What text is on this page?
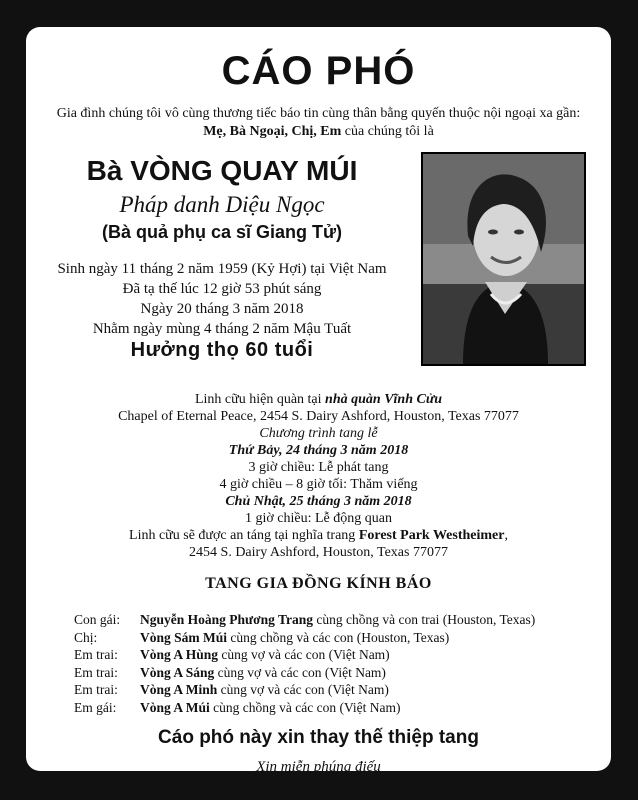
CÁO PHÓ
Gia đình chúng tôi vô cùng thương tiếc báo tin cùng thân bằng quyến thuộc nội ngoại xa gần:
Mẹ, Bà Ngoại, Chị, Em của chúng tôi là
Bà VÒNG QUAY MÚI
Pháp danh Diệu Ngọc
(Bà quả phụ ca sĩ Giang Tử)
Sinh ngày 11 tháng 2 năm 1959 (Kỷ Hợi) tại Việt Nam
Đã tạ thế lúc 12 giờ 53 phút sáng
Ngày 20 tháng 3 năm 2018
Nhằm ngày mùng 4 tháng 2 năm Mậu Tuất
Hưởng thọ 60 tuổi
Linh cữu hiện quàn tại nhà quàn Vĩnh Cửu
Chapel of Eternal Peace, 2454 S. Dairy Ashford, Houston, Texas 77077
Chương trình tang lễ
Thứ Bảy, 24 tháng 3 năm 2018
3 giờ chiều: Lễ phát tang
4 giờ chiều – 8 giờ tối: Thăm viếng
Chủ Nhật, 25 tháng 3 năm 2018
1 giờ chiều: Lễ động quan
Linh cữu sẽ được an táng tại nghĩa trang Forest Park Westheimer,
2454 S. Dairy Ashford, Houston, Texas 77077
TANG GIA ĐỒNG KÍNH BÁO
Con gái:	Nguyễn Hoàng Phương Trang cùng chồng và con trai (Houston, Texas)
Chị:	Vòng Sám Múi cùng chồng và các con (Houston, Texas)
Em trai:	Vòng A Hùng cùng vợ và các con (Việt Nam)
Em trai:	Vòng A Sáng cùng vợ và các con (Việt Nam)
Em trai:	Vòng A Minh cùng vợ và các con (Việt Nam)
Em gái:	Vòng A Múi cùng chồng và các con (Việt Nam)
Cáo phó này xin thay thế thiệp tang
Xin miễn phúng điếu
